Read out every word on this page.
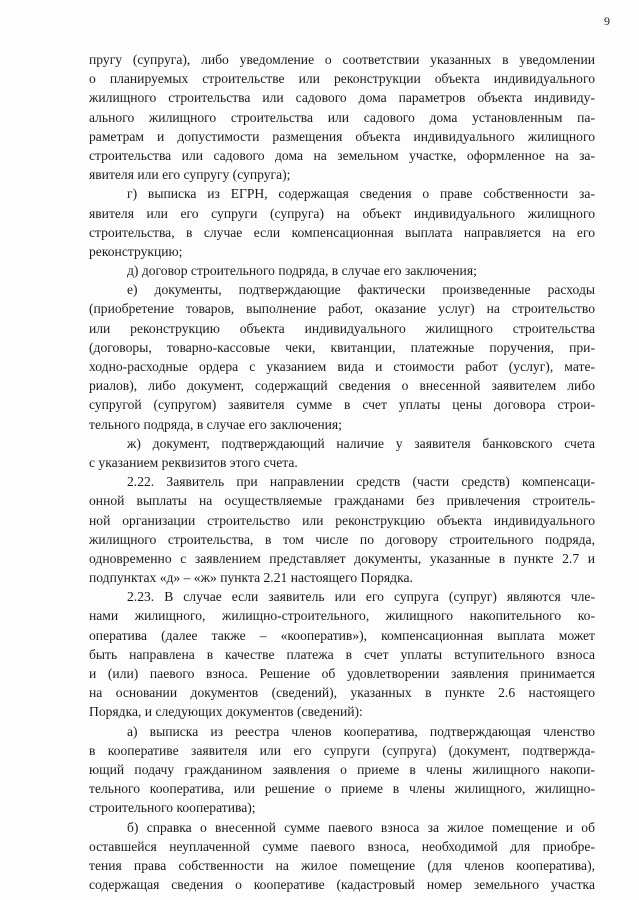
9
пругу (супруга), либо уведомление о соответствии указанных в уведомлении
о планируемых строительстве или реконструкции объекта индивидуального
жилищного строительства или садового дома параметров объекта индивиду-
ального жилищного строительства или садового дома установленным па-
раметрам и допустимости размещения объекта индивидуального жилищного
строительства или садового дома на земельном участке, оформленное на за-
явителя или его супругу (супруга);
г) выписка из ЕГРН, содержащая сведения о праве собственности за-
явителя или его супруги (супруга) на объект индивидуального жилищного
строительства, в случае если компенсационная выплата направляется на его
реконструкцию;
д) договор строительного подряда, в случае его заключения;
е) документы, подтверждающие фактически произведенные расходы
(приобретение товаров, выполнение работ, оказание услуг) на строительство
или реконструкцию объекта индивидуального жилищного строительства
(договоры, товарно-кассовые чеки, квитанции, платежные поручения, при-
ходно-расходные ордера с указанием вида и стоимости работ (услуг), мате-
риалов), либо документ, содержащий сведения о внесенной заявителем либо
супругой (супругом) заявителя сумме в счет уплаты цены договора строи-
тельного подряда, в случае его заключения;
ж) документ, подтверждающий наличие у заявителя банковского счета
с указанием реквизитов этого счета.
2.22. Заявитель при направлении средств (части средств) компенсаци-
онной выплаты на осуществляемые гражданами без привлечения строитель-
ной организации строительство или реконструкцию объекта индивидуального
жилищного строительства, в том числе по договору строительного подряда,
одновременно с заявлением представляет документы, указанные в пункте 2.7 и
подпунктах «д» – «ж» пункта 2.21 настоящего Порядка.
2.23. В случае если заявитель или его супруга (супруг) являются чле-
нами жилищного, жилищно-строительного, жилищного накопительного ко-
оператива (далее также – «кооператив»), компенсационная выплата может
быть направлена в качестве платежа в счет уплаты вступительного взноса
и (или) паевого взноса. Решение об удовлетворении заявления принимается
на основании документов (сведений), указанных в пункте 2.6 настоящего
Порядка, и следующих документов (сведений):
а) выписка из реестра членов кооператива, подтверждающая членство
в кооперативе заявителя или его супруги (супруга) (документ, подтвержда-
ющий подачу гражданином заявления о приеме в члены жилищного накопи-
тельного кооператива, или решение о приеме в члены жилищного, жилищно-
строительного кооператива);
б) справка о внесенной сумме паевого взноса за жилое помещение и об
оставшейся неуплаченной сумме паевого взноса, необходимой для приобре-
тения права собственности на жилое помещение (для членов кооператива),
содержащая сведения о кооперативе (кадастровый номер земельного участка
